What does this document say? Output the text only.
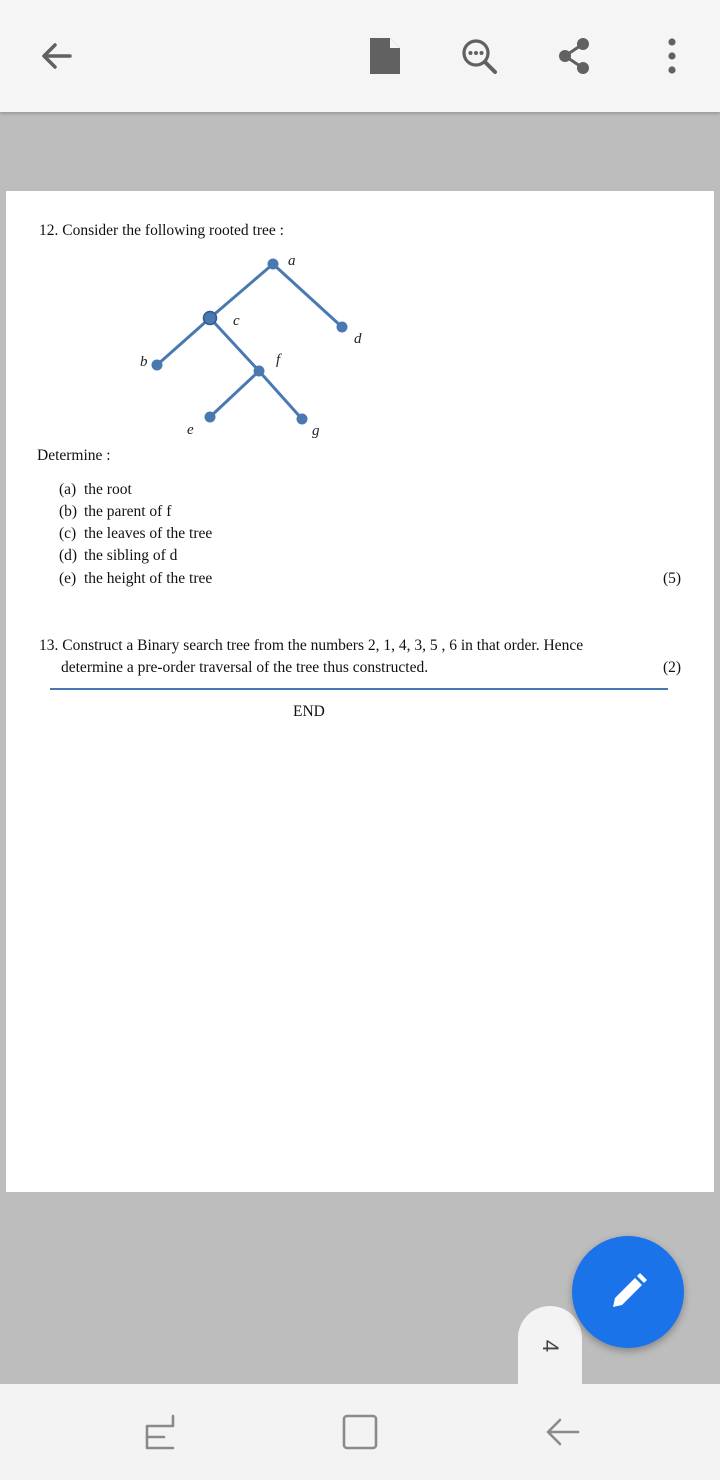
12. Consider the following rooted tree :
a
c
d
b	f
e	g
Determine :
(a) the root
(b) the parent of f
(c) the leaves of the tree
(d) the sibling of d
(e) the height of the tree	(5)
13. Construct a Binary search tree from the numbers 2, 1, 4, 3, 5 , 6 in that order. Hence
determine a pre-order traversal of the tree thus constructed.	(2)
END
4
